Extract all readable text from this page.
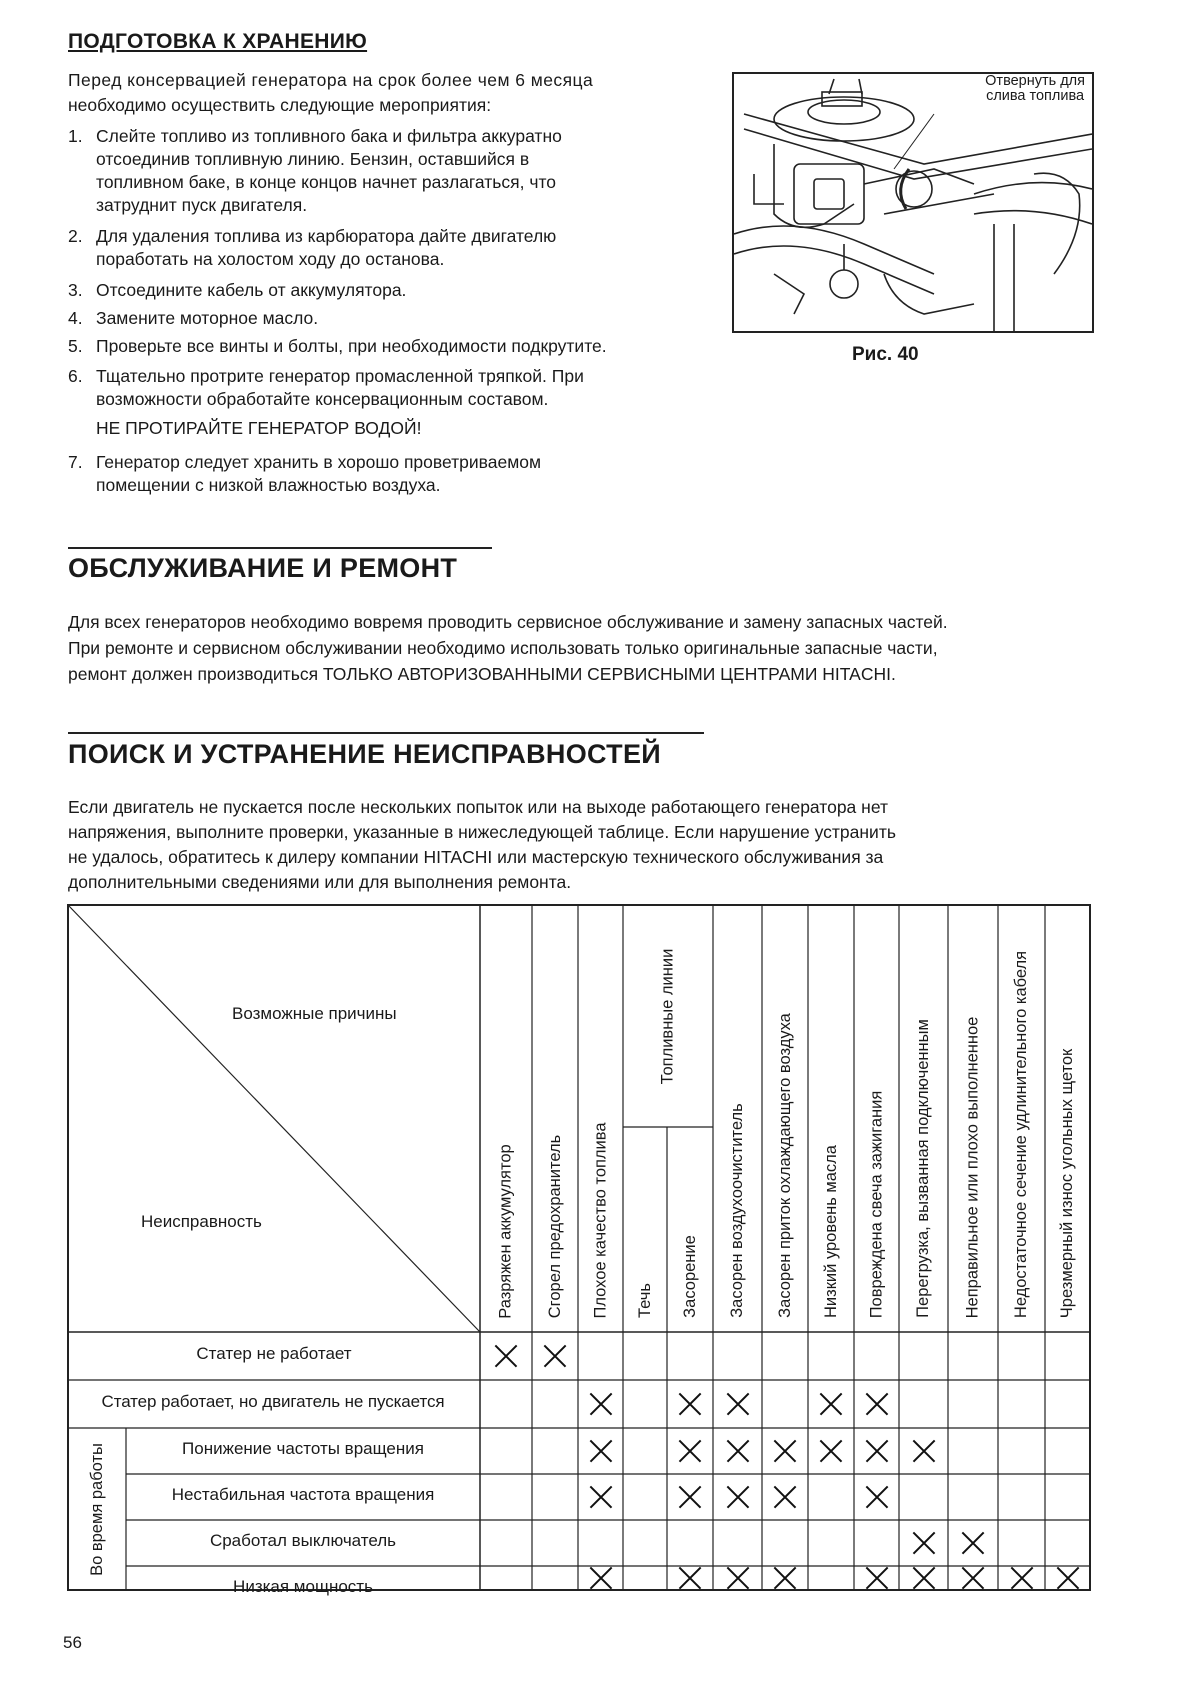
ПОДГОТОВКА К ХРАНЕНИЮ
Перед консервацией генератора на срок более чем 6 месяца
необходимо осуществить следующие мероприятия:
1. Слейте топливо из топливного бака и фильтра аккуратно
отсоединив топливную линию. Бензин, оставшийся в
топливном баке, в конце концов начнет разлагаться, что
затруднит пуск двигателя.
2. Для удаления топлива из карбюратора дайте двигателю
поработать на холостом ходу до останова.
3. Отсоедините кабель от аккумулятора.
4. Замените моторное масло.
5. Проверьте все винты и болты, при необходимости подкрутите.
6. Тщательно протрите генератор промасленной тряпкой. При
возможности обработайте консервационным составом.
НЕ ПРОТИРАЙТЕ ГЕНЕРАТОР ВОДОЙ!
7. Генератор следует хранить в хорошо проветриваемом
помещении с низкой влажностью воздуха.
Отвернуть для
слива топлива
Рис. 40
ОБСЛУЖИВАНИЕ И РЕМОНТ
Для всех генераторов необходимо вовремя проводить сервисное обслуживание и замену запасных частей.
При ремонте и сервисном обслуживании необходимо использовать только оригинальные запасные части,
ремонт должен производиться ТОЛЬКО АВТОРИЗОВАННЫМИ СЕРВИСНЫМИ ЦЕНТРАМИ HITACHI.
ПОИСК И УСТРАНЕНИЕ НЕИСПРАВНОСТЕЙ
Если двигатель не пускается после нескольких попыток или на выходе работающего генератора нет
напряжения, выполните проверки, указанные в нижеследующей таблице. Если нарушение устранить
не удалось, обратитесь к дилеру компании HITACHI или мастерскую технического обслуживания за
дополнительными сведениями или для выполнения ремонта.
Возможные причины
Неисправность
Топливные линии
Разряжен аккумулятор Сгорел предохранитель Плохое качество топлива Течь Засорение Засорен воздухоочиститель Засорен приток охлаждающего воздуха Низкий уровень масла Повреждена свеча зажигания Перегрузка, вызванная подключенным Неправильное или плохо выполненное Недостаточное сечение удлинительного кабеля Чрезмерный износ угольных щеток
Во время работы
Статер не работает
Статер работает, но двигатель не пускается
Понижение частоты вращения
Нестабильная частота вращения
Сработал выключатель
Низкая мощность
56
